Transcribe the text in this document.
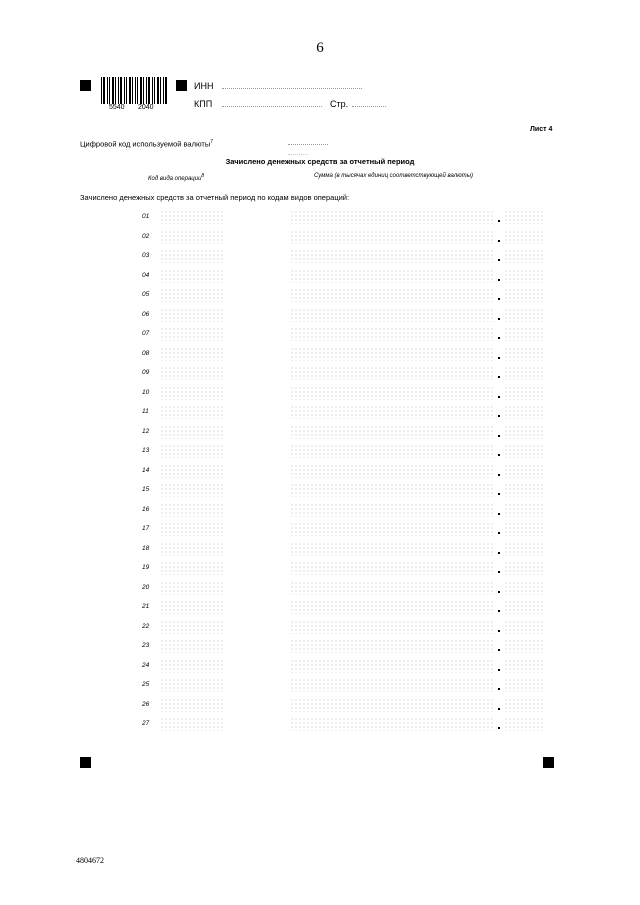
6
5540 2040
ИНН
КПП	Стр.
Лист 4
Цифровой код используемой валюты$^7$
Зачислено денежных средств за отчетный период
Код вида операции$^8$	Сумма (в тысячах единиц соответствующей валюты)
Зачислено денежных средств за отчетный период по кодам видов операций:
01
02
03
04
05
06
07
08
09
10
11
12
13
14
15
16
17
18
19
20
21
22
23
24
25
26
27
4804672
